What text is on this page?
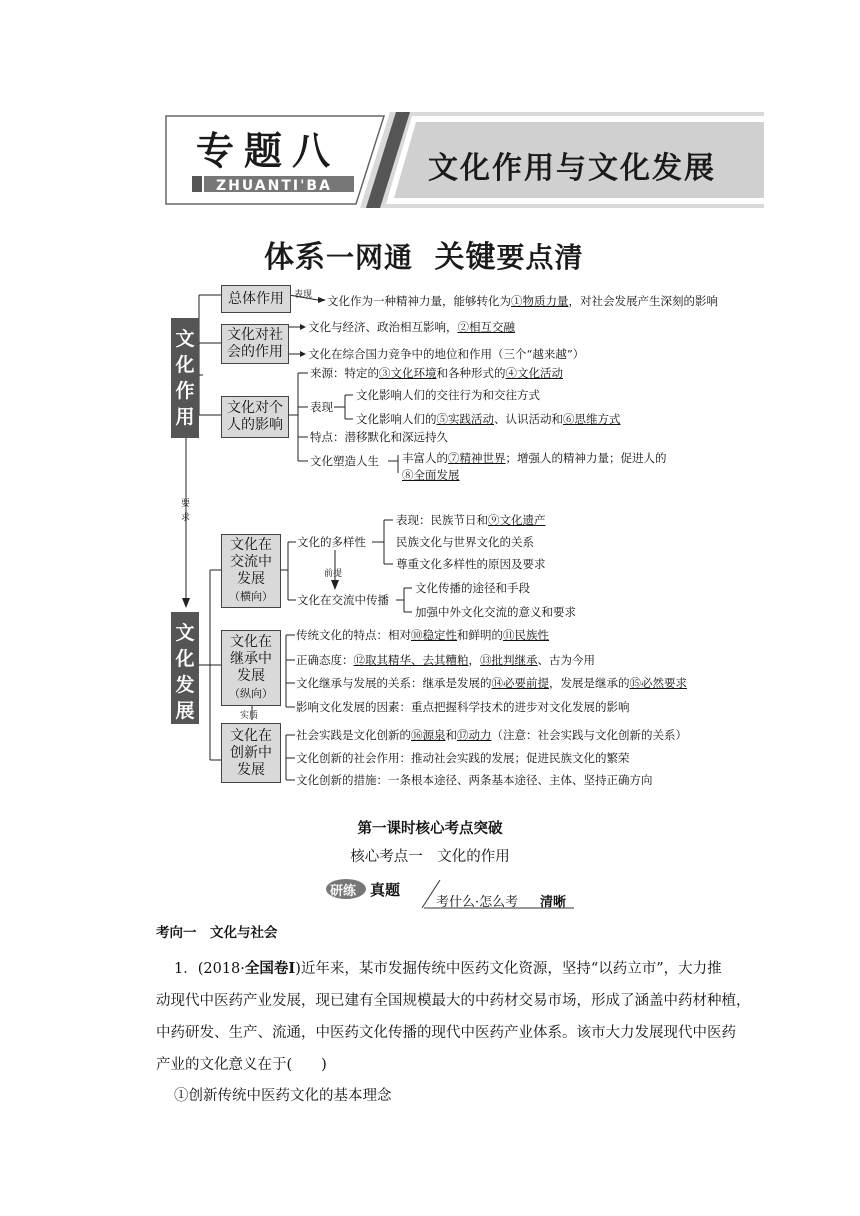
专题八
ZHUANTI'BA	文化作用与文化发展
体系一网通 关键要点清
文化作用
文化发展
要求
总体作用
文化对社
会的作用
文化对个
人的影响
文化在
交流中
发展
（横向）
文化在
继承中
发展
（纵向）
文化在
创新中
发展
表现 文化作为一种精神力量，能够转化为①物质力量，对社会发展产生深刻的影响
文化与经济、政治相互影响，②相互交融
文化在综合国力竞争中的地位和作用（三个“越来越”）
来源：特定的③文化环境和各种形式的④文化活动
表现
文化影响人们的交往行为和交往方式
文化影响人们的⑤实践活动、认识活动和⑥思维方式
特点：潜移默化和深远持久
文化塑造人生 丰富人的⑦精神世界；增强人的精神力量；促进人的
⑧全面发展
文化的多样性
表现：民族节日和⑨文化遗产
民族文化与世界文化的关系
尊重文化多样性的原因及要求
前提
文化在交流中传播
文化传播的途径和手段
加强中外文化交流的意义和要求
传统文化的特点：相对⑩稳定性和鲜明的⑪民族性
正确态度：⑫取其精华、去其糟粕，⑬批判继承、古为今用
文化继承与发展的关系：继承是发展的⑭必要前提，发展是继承的⑮必然要求
影响文化发展的因素：重点把握科学技术的进步对文化发展的影响
实质
社会实践是文化创新的⑯源泉和⑰动力（注意：社会实践与文化创新的关系）
文化创新的社会作用：推动社会实践的发展；促进民族文化的繁荣
文化创新的措施：一条根本途径、两条基本途径、主体、坚持正确方向
第一课时核心考点突破
核心考点一　文化的作用
研练 真题
考什么·怎么考 清晰
考向一　文化与社会
1．(2018·全国卷Ⅰ)近年来，某市发掘传统中医药文化资源，坚持“以药立市”，大力推
动现代中医药产业发展，现已建有全国规模最大的中药材交易市场，形成了涵盖中药材种植，
中药研发、生产、流通，中医药文化传播的现代中医药产业体系。该市大力发展现代中医药
产业的文化意义在于(　　)
①创新传统中医药文化的基本理念
